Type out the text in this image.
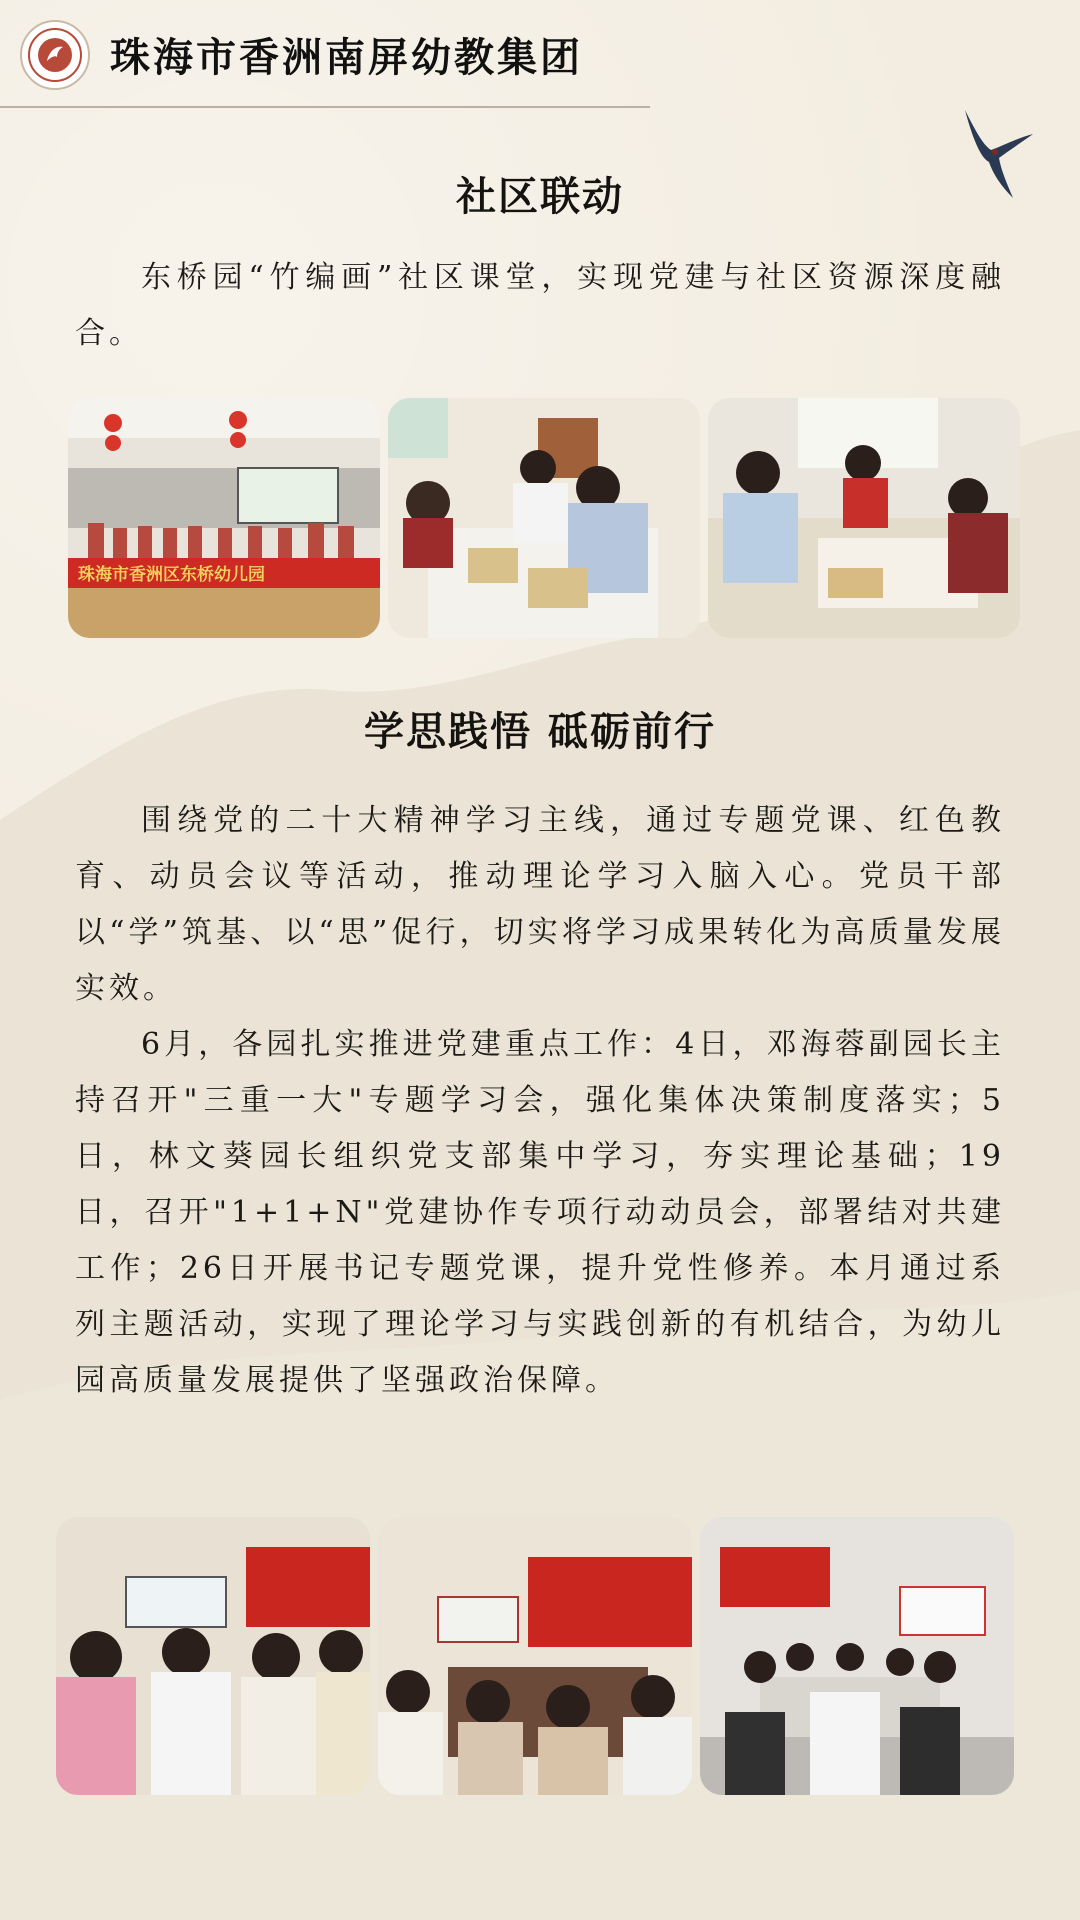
珠海市香洲南屏幼教集团
社区联动
东桥园“竹编画”社区课堂，实现党建与社区资源深度融合。
珠海市香洲区东桥幼儿园
学思践悟 砥砺前行
围绕党的二十大精神学习主线，通过专题党课、红色教育、动员会议等活动，推动理论学习入脑入心。党员干部以“学”筑基、以“思”促行，切实将学习成果转化为高质量发展实效。
6月，各园扎实推进党建重点工作：4日，邓海蓉副园长主持召开"三重一大"专题学习会，强化集体决策制度落实；5日，林文葵园长组织党支部集中学习，夯实理论基础；19日，召开"1+1+N"党建协作专项行动动员会，部署结对共建工作；26日开展书记专题党课，提升党性修养。本月通过系列主题活动，实现了理论学习与实践创新的有机结合，为幼儿园高质量发展提供了坚强政治保障。
